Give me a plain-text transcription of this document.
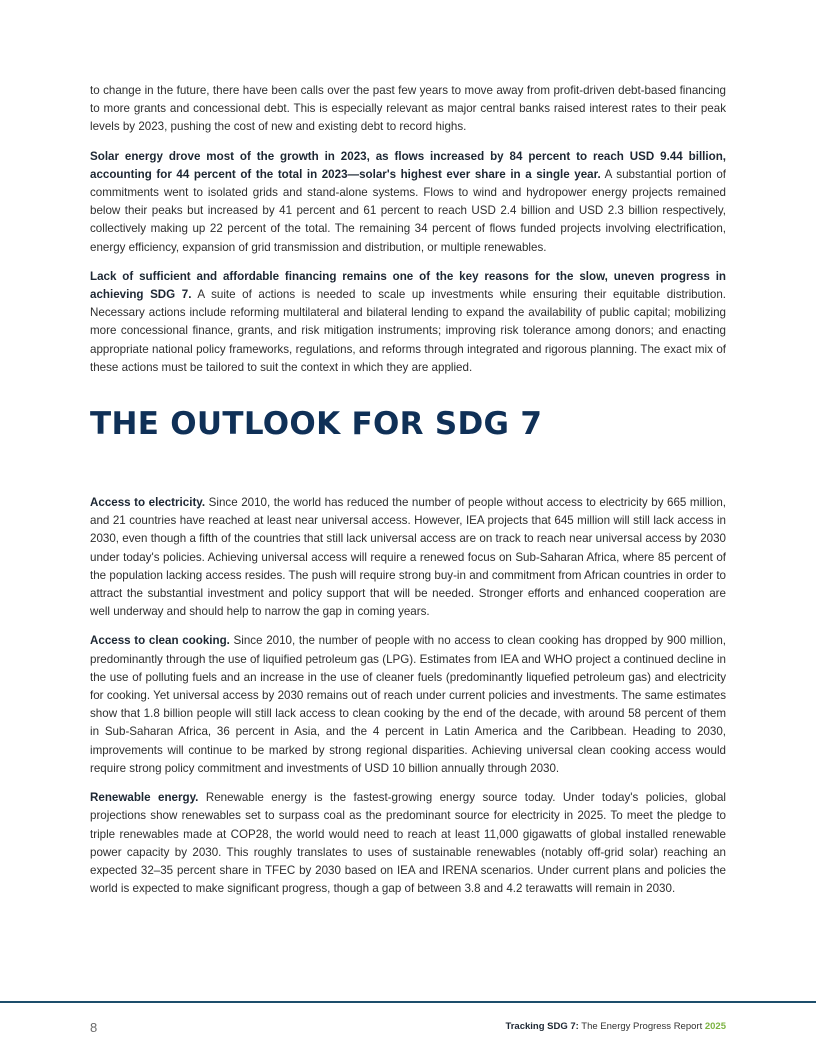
to change in the future, there have been calls over the past few years to move away from profit-driven debt-based financing to more grants and concessional debt. This is especially relevant as major central banks raised interest rates to their peak levels by 2023, pushing the cost of new and existing debt to record highs.

Solar energy drove most of the growth in 2023, as flows increased by 84 percent to reach USD 9.44 billion, accounting for 44 percent of the total in 2023—solar's highest ever share in a single year. A substantial portion of commitments went to isolated grids and stand-alone systems. Flows to wind and hydropower energy projects remained below their peaks but increased by 41 percent and 61 percent to reach USD 2.4 billion and USD 2.3 billion respectively, collectively making up 22 percent of the total. The remaining 34 percent of flows funded projects involving electrification, energy efficiency, expansion of grid transmission and distribution, or multiple renewables.

Lack of sufficient and affordable financing remains one of the key reasons for the slow, uneven progress in achieving SDG 7. A suite of actions is needed to scale up investments while ensuring their equitable distribution. Necessary actions include reforming multilateral and bilateral lending to expand the availability of public capital; mobilizing more concessional finance, grants, and risk mitigation instruments; improving risk tolerance among donors; and enacting appropriate national policy frameworks, regulations, and reforms through integrated and rigorous planning. The exact mix of these actions must be tailored to suit the context in which they are applied.

THE OUTLOOK FOR SDG 7

Access to electricity. Since 2010, the world has reduced the number of people without access to electricity by 665 million, and 21 countries have reached at least near universal access. However, IEA projects that 645 million will still lack access in 2030, even though a fifth of the countries that still lack universal access are on track to reach near universal access by 2030 under today's policies. Achieving universal access will require a renewed focus on Sub-Saharan Africa, where 85 percent of the population lacking access resides. The push will require strong buy-in and commitment from African countries in order to attract the substantial investment and policy support that will be needed. Stronger efforts and enhanced cooperation are well underway and should help to narrow the gap in coming years.

Access to clean cooking. Since 2010, the number of people with no access to clean cooking has dropped by 900 million, predominantly through the use of liquified petroleum gas (LPG). Estimates from IEA and WHO project a continued decline in the use of polluting fuels and an increase in the use of cleaner fuels (predominantly liquefied petroleum gas) and electricity for cooking. Yet universal access by 2030 remains out of reach under current policies and investments. The same estimates show that 1.8 billion people will still lack access to clean cooking by the end of the decade, with around 58 percent of them in Sub-Saharan Africa, 36 percent in Asia, and the 4 percent in Latin America and the Caribbean. Heading to 2030, improvements will continue to be marked by strong regional disparities. Achieving universal clean cooking access would require strong policy commitment and investments of USD 10 billion annually through 2030.

Renewable energy. Renewable energy is the fastest-growing energy source today. Under today's policies, global projections show renewables set to surpass coal as the predominant source for electricity in 2025. To meet the pledge to triple renewables made at COP28, the world would need to reach at least 11,000 gigawatts of global installed renewable power capacity by 2030. This roughly translates to uses of sustainable renewables (notably off-grid solar) reaching an expected 32–35 percent share in TFEC by 2030 based on IEA and IRENA scenarios. Under current plans and policies the world is expected to make significant progress, though a gap of between 3.8 and 4.2 terawatts will remain in 2030.

8	Tracking SDG 7: The Energy Progress Report 2025
